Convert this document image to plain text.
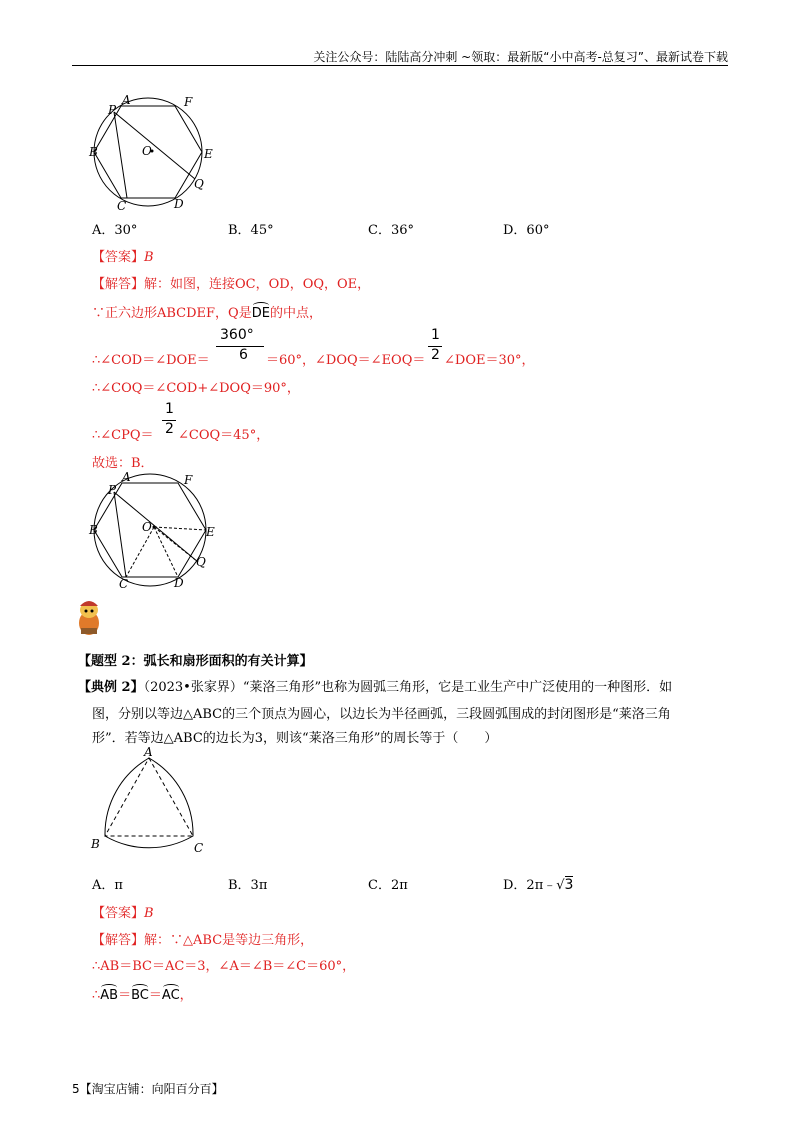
关注公众号：陆陆高分冲刺 ~领取：最新版“小中高考-总复习”、最新试卷下载
A	F
P
B	O	E
Q
C	D
A．30°	B．45°	C．36°	D．60°
【答案】B
【解答】解：如图，连接OC，OD，OQ，OE，
∵正六边形ABCDEF，Q是DE的中点，
∴∠COD＝∠DOE＝
360°
6 ＝60°，∠DOQ＝∠EOQ＝
1
2 ∠DOE＝30°，
∴∠COQ＝∠COD+∠DOQ＝90°，
∴∠CPQ＝
1
2 ∠COQ＝45°，
故选：B．
A	F
P
B	O	E
Q
C	D
【题型 2：弧长和扇形面积的有关计算】
【典例 2】（2023•张家界）“莱洛三角形”也称为圆弧三角形，它是工业生产中广泛使用的一种图形．如
图，分别以等边△ABC的三个顶点为圆心，以边长为半径画弧，三段圆弧围成的封闭图形是“莱洛三角
形”．若等边△ABC的边长为3，则该“莱洛三角形”的周长等于（　　）
A
B	C
A．π	B．3π	C．2π	D．2π﹣√3
【答案】B
【解答】解：∵△ABC是等边三角形，
∴AB＝BC＝AC＝3，∠A＝∠B＝∠C＝60°，
∴AB＝BC＝AC，
5【淘宝店铺：向阳百分百】
